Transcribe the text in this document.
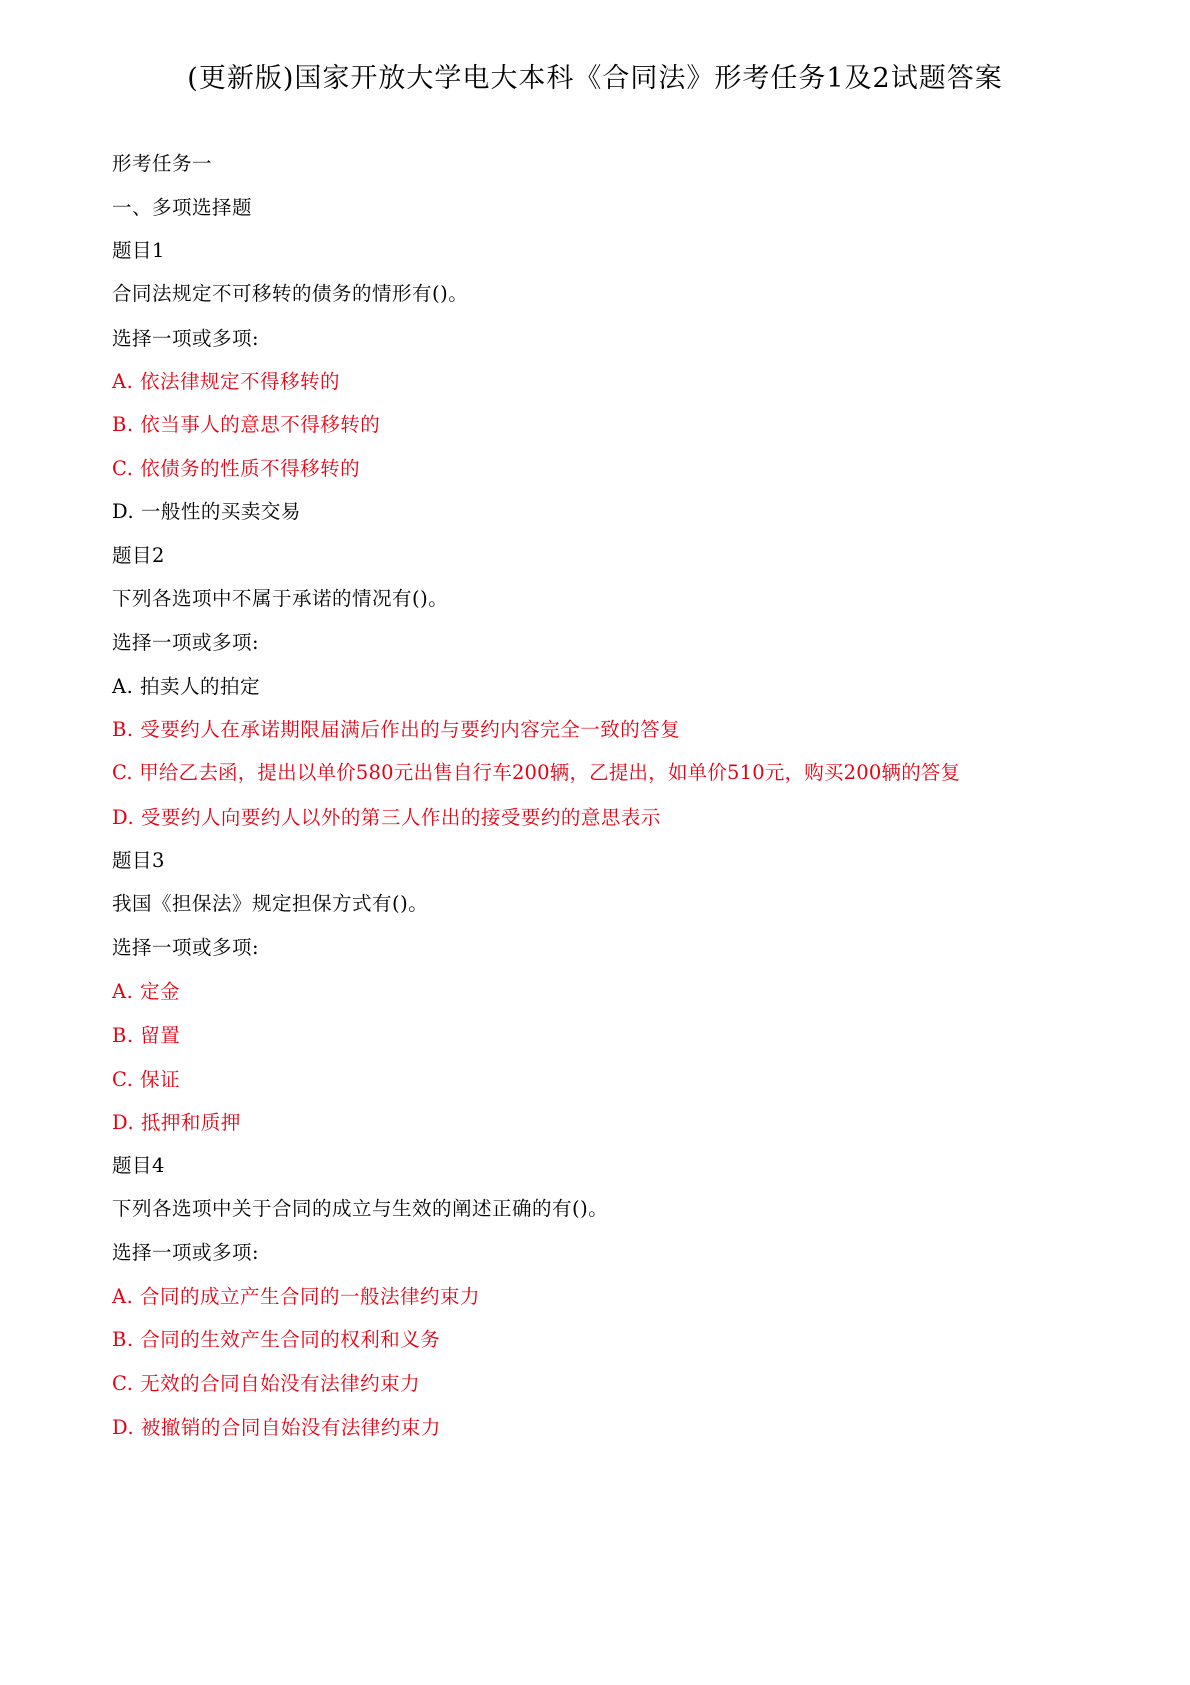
(更新版)国家开放大学电大本科《合同法》形考任务1及2试题答案
形考任务一
一、多项选择题
题目1
合同法规定不可移转的债务的情形有()。
选择一项或多项:
A. 依法律规定不得移转的
B. 依当事人的意思不得移转的
C. 依债务的性质不得移转的
D. 一般性的买卖交易
题目2
下列各选项中不属于承诺的情况有()。
选择一项或多项:
A. 拍卖人的拍定
B. 受要约人在承诺期限届满后作出的与要约内容完全一致的答复
C. 甲给乙去函，提出以单价580元出售自行车200辆，乙提出，如单价510元，购买200辆的答复
D. 受要约人向要约人以外的第三人作出的接受要约的意思表示
题目3
我国《担保法》规定担保方式有()。
选择一项或多项:
A. 定金
B. 留置
C. 保证
D. 抵押和质押
题目4
下列各选项中关于合同的成立与生效的阐述正确的有()。
选择一项或多项:
A. 合同的成立产生合同的一般法律约束力
B. 合同的生效产生合同的权利和义务
C. 无效的合同自始没有法律约束力
D. 被撤销的合同自始没有法律约束力
